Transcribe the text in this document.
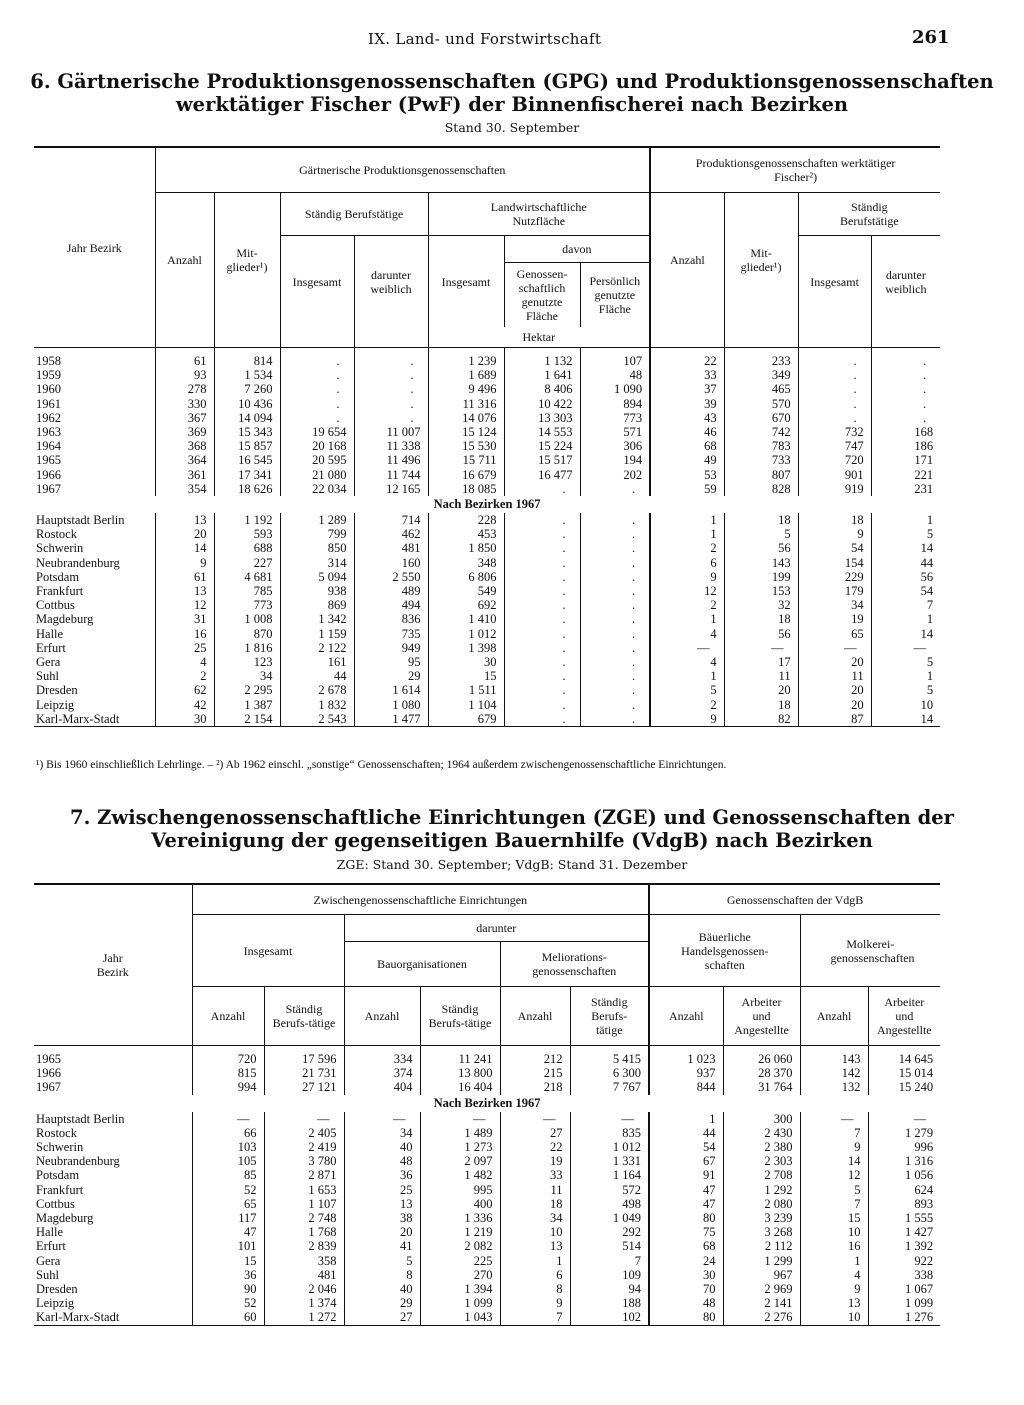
IX. Land- und Forstwirtschaft	261
6. Gärtnerische Produktionsgenossenschaften (GPG) und Produktionsgenossenschaften
werktätiger Fischer (PwF) der Binnenfischerei nach Bezirken
Stand 30. September
Jahr Bezirk	Gärtnerische Produktionsgenossenschaften							Produktionsgenossenschaften werktätiger Fischer²)			
	Anzahl	Mit-glieder¹)	Ständig Berufstätige		Landwirtschaftliche Nutzfläche			Anzahl	Mit-glieder¹)	Ständig Berufstätige	
			Insgesamt	darunter weiblich	Insgesamt	davon				Insgesamt	darunter weiblich
						Genossen-schaftlich genutzte Fläche	Persönlich genutzte Fläche				
					Hektar						

1958	61	814	.	.	1 239	1 132	107	22	233	.	.
1959	93	1 534	.	.	1 689	1 641	48	33	349	.	.
1960	278	7 260	.	.	9 496	8 406	1 090	37	465	.	.
1961	330	10 436	.	.	11 316	10 422	894	39	570	.	.
1962	367	14 094	.	.	14 076	13 303	773	43	670	.	.
1963	369	15 343	19 654	11 007	15 124	14 553	571	46	742	732	168
1964	368	15 857	20 168	11 338	15 530	15 224	306	68	783	747	186
1965	364	16 545	20 595	11 496	15 711	15 517	194	49	733	720	171
1966	361	17 341	21 080	11 744	16 679	16 477	202	53	807	901	221
1967	354	18 626	22 034	12 165	18 085	.	.	59	828	919	231
Nach Bezirken 1967											
Hauptstadt Berlin	13	1 192	1 289	714	228	.	.	1	18	18	1
Rostock	20	593	799	462	453	.	.	1	5	9	5
Schwerin	14	688	850	481	1 850	.	.	2	56	54	14
Neubrandenburg	9	227	314	160	348	.	.	6	143	154	44
Potsdam	61	4 681	5 094	2 550	6 806	.	.	9	199	229	56
Frankfurt	13	785	938	489	549	.	.	12	153	179	54
Cottbus	12	773	869	494	692	.	.	2	32	34	7
Magdeburg	31	1 008	1 342	836	1 410	.	.	1	18	19	1
Halle	16	870	1 159	735	1 012	.	.	4	56	65	14
Erfurt	25	1 816	2 122	949	1 398	.	.	—	—	—	—
Gera	4	123	161	95	30	.	.	4	17	20	5
Suhl	2	34	44	29	15	.	.	1	11	11	1
Dresden	62	2 295	2 678	1 614	1 511	.	.	5	20	20	5
Leipzig	42	1 387	1 832	1 080	1 104	.	.	2	18	20	10
Karl-Marx-Stadt	30	2 154	2 543	1 477	679	.	.	9	82	87	14
¹) Bis 1960 einschließlich Lehrlinge. – ²) Ab 1962 einschl. „sonstige“ Genossenschaften; 1964 außerdem zwischengenossenschaftliche Einrichtungen.
7. Zwischengenossenschaftliche Einrichtungen (ZGE) und Genossenschaften der
Vereinigung der gegenseitigen Bauernhilfe (VdgB) nach Bezirken
ZGE: Stand 30. September; VdgB: Stand 31. Dezember
Jahr Bezirk	Zwischengenossenschaftliche Einrichtungen						Genossenschaften der VdgB			
	Insgesamt		darunter				Bäuerliche Handelsgenossen-schaften		Molkerei-genossenschaften	
			Bauorganisationen		Meliorations-genossenschaften					
	Anzahl	Ständig Berufs-tätige	Anzahl	Ständig Berufs-tätige	Anzahl	Ständig Berufs-tätige	Anzahl	Arbeiter und Angestellte	Anzahl	Arbeiter und Angestellte

1965	720	17 596	334	11 241	212	5 415	1 023	26 060	143	14 645
1966	815	21 731	374	13 800	215	6 300	937	28 370	142	15 014
1967	994	27 121	404	16 404	218	7 767	844	31 764	132	15 240
Nach Bezirken 1967										
Hauptstadt Berlin	—	—	—	—	—	—	1	300	—	—
Rostock	66	2 405	34	1 489	27	835	44	2 430	7	1 279
Schwerin	103	2 419	40	1 273	22	1 012	54	2 380	9	996
Neubrandenburg	105	3 780	48	2 097	19	1 331	67	2 303	14	1 316
Potsdam	85	2 871	36	1 482	33	1 164	91	2 708	12	1 056
Frankfurt	52	1 653	25	995	11	572	47	1 292	5	624
Cottbus	65	1 107	13	400	18	498	47	2 080	7	893
Magdeburg	117	2 748	38	1 336	34	1 049	80	3 239	15	1 555
Halle	47	1 768	20	1 219	10	292	75	3 268	10	1 427
Erfurt	101	2 839	41	2 082	13	514	68	2 112	16	1 392
Gera	15	358	5	225	1	7	24	1 299	1	922
Suhl	36	481	8	270	6	109	30	967	4	338
Dresden	90	2 046	40	1 394	8	94	70	2 969	9	1 067
Leipzig	52	1 374	29	1 099	9	188	48	2 141	13	1 099
Karl-Marx-Stadt	60	1 272	27	1 043	7	102	80	2 276	10	1 276
